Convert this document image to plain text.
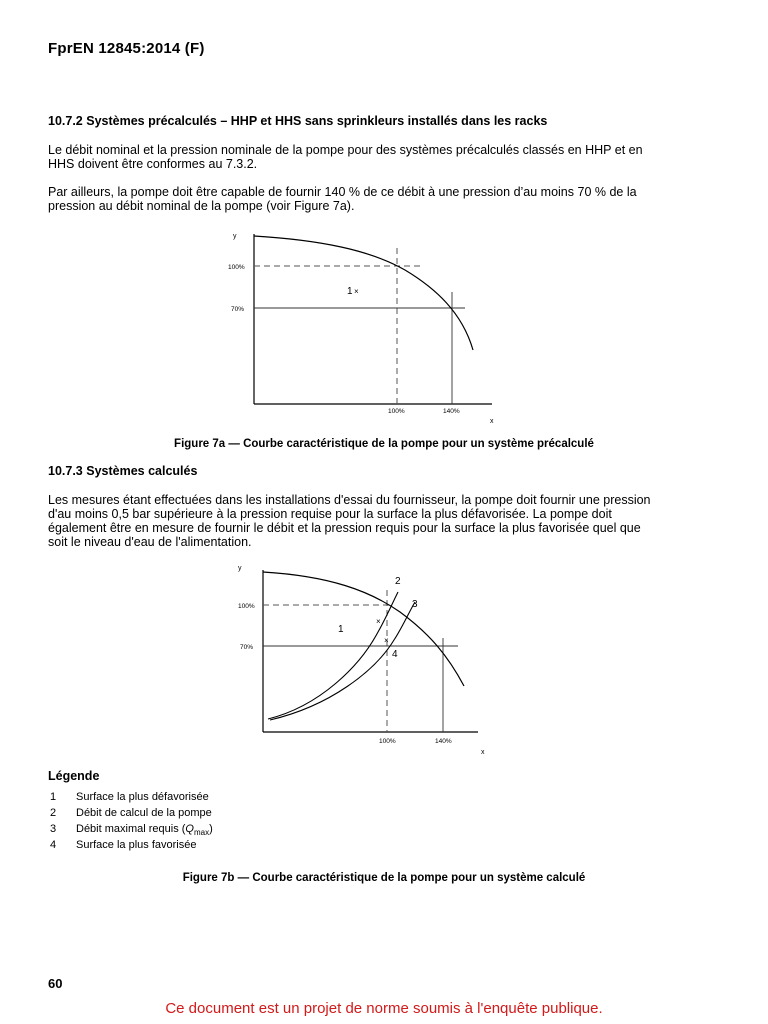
FprEN 12845:2014 (F)
10.7.2 Systèmes précalculés – HHP et HHS sans sprinkleurs installés dans les racks
Le débit nominal et la pression nominale de la pompe pour des systèmes précalculés classés en HHP et en
HHS doivent être conformes au 7.3.2.
Par ailleurs, la pompe doit être capable de fournir 140 % de ce débit à une pression d’au moins 70 % de la
pression au débit nominal de la pompe (voir Figure 7a).
y
x
100%
70%
100%	140%
1 ×
Figure 7a — Courbe caractéristique de la pompe pour un système précalculé
10.7.3 Systèmes calculés
Les mesures étant effectuées dans les installations d'essai du fournisseur, la pompe doit fournir une pression
d'au moins 0,5 bar supérieure à la pression requise pour la surface la plus défavorisée. La pompe doit
également être en mesure de fournir le débit et la pression requis pour la surface la plus favorisée quel que
soit le niveau d'eau de l'alimentation.
y
x
100%
70%
100%	140%
1
2
3
4
×
×
Légende
1	Surface la plus défavorisée
2	Débit de calcul de la pompe
3	Débit maximal requis $(Q_{max})$
4	Surface la plus favorisée
Figure 7b — Courbe caractéristique de la pompe pour un système calculé
60
Ce document est un projet de norme soumis à l'enquête publique.
